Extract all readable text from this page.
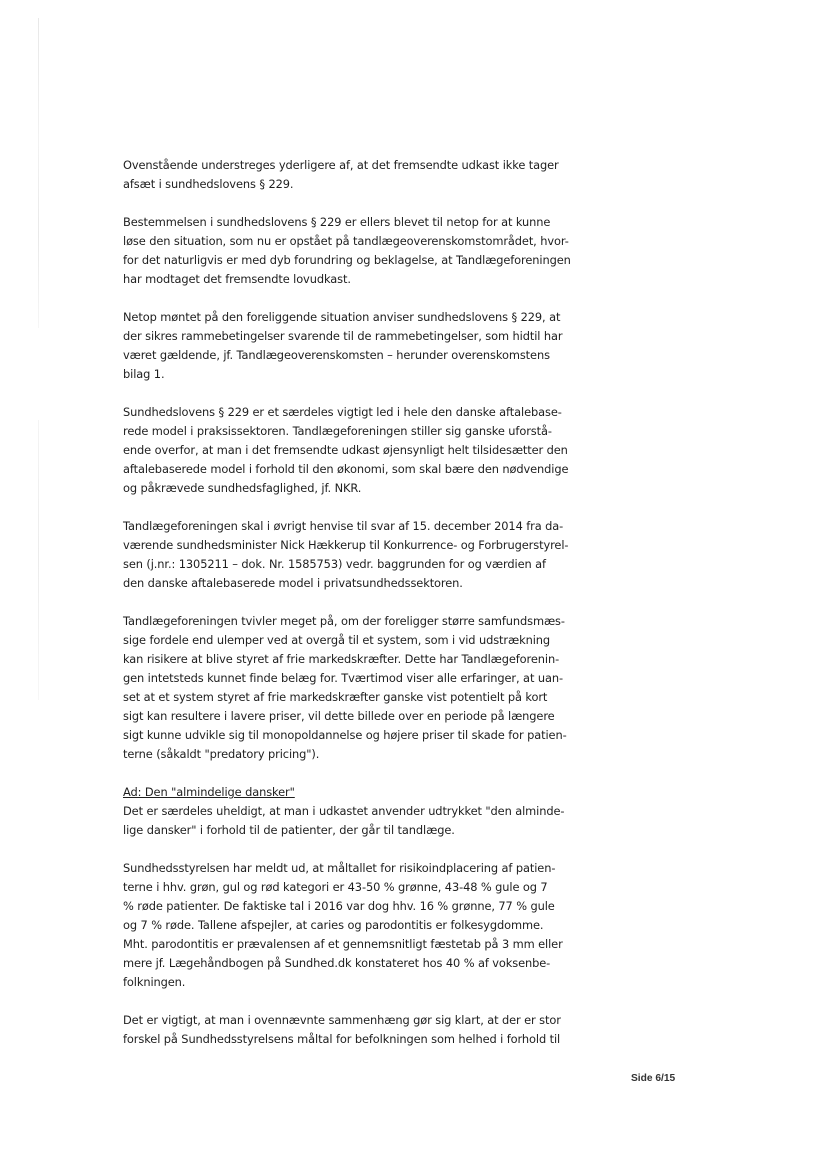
Ovenstående understreges yderligere af, at det fremsendte udkast ikke tager
afsæt i sundhedslovens § 229.
Bestemmelsen i sundhedslovens § 229 er ellers blevet til netop for at kunne
løse den situation, som nu er opstået på tandlægeoverenskomstområdet, hvor-
for det naturligvis er med dyb forundring og beklagelse, at Tandlægeforeningen
har modtaget det fremsendte lovudkast.
Netop møntet på den foreliggende situation anviser sundhedslovens § 229, at
der sikres rammebetingelser svarende til de rammebetingelser, som hidtil har
været gældende, jf. Tandlægeoverenskomsten – herunder overenskomstens
bilag 1.
Sundhedslovens § 229 er et særdeles vigtigt led i hele den danske aftalebase-
rede model i praksissektoren. Tandlægeforeningen stiller sig ganske uforstå-
ende overfor, at man i det fremsendte udkast øjensynligt helt tilsidesætter den
aftalebaserede model i forhold til den økonomi, som skal bære den nødvendige
og påkrævede sundhedsfaglighed, jf. NKR.
Tandlægeforeningen skal i øvrigt henvise til svar af 15. december 2014 fra da-
værende sundhedsminister Nick Hækkerup til Konkurrence- og Forbrugerstyrel-
sen (j.nr.: 1305211 – dok. Nr. 1585753) vedr. baggrunden for og værdien af
den danske aftalebaserede model i privatsundhedssektoren.
Tandlægeforeningen tvivler meget på, om der foreligger større samfundsmæs-
sige fordele end ulemper ved at overgå til et system, som i vid udstrækning
kan risikere at blive styret af frie markedskræfter. Dette har Tandlægeforenin-
gen intetsteds kunnet finde belæg for. Tværtimod viser alle erfaringer, at uan-
set at et system styret af frie markedskræfter ganske vist potentielt på kort
sigt kan resultere i lavere priser, vil dette billede over en periode på længere
sigt kunne udvikle sig til monopoldannelse og højere priser til skade for patien-
terne (såkaldt "predatory pricing").
Ad: Den "almindelige dansker"
Det er særdeles uheldigt, at man i udkastet anvender udtrykket "den alminde-
lige dansker" i forhold til de patienter, der går til tandlæge.
Sundhedsstyrelsen har meldt ud, at måltallet for risikoindplacering af patien-
terne i hhv. grøn, gul og rød kategori er 43-50 % grønne, 43-48 % gule og 7
% røde patienter. De faktiske tal i 2016 var dog hhv. 16 % grønne, 77 % gule
og 7 % røde. Tallene afspejler, at caries og parodontitis er folkesygdomme.
Mht. parodontitis er prævalensen af et gennemsnitligt fæstetab på 3 mm eller
mere jf. Lægehåndbogen på Sundhed.dk konstateret hos 40 % af voksenbe-
folkningen.
Det er vigtigt, at man i ovennævnte sammenhæng gør sig klart, at der er stor
forskel på Sundhedsstyrelsens måltal for befolkningen som helhed i forhold til
Side 6/15
